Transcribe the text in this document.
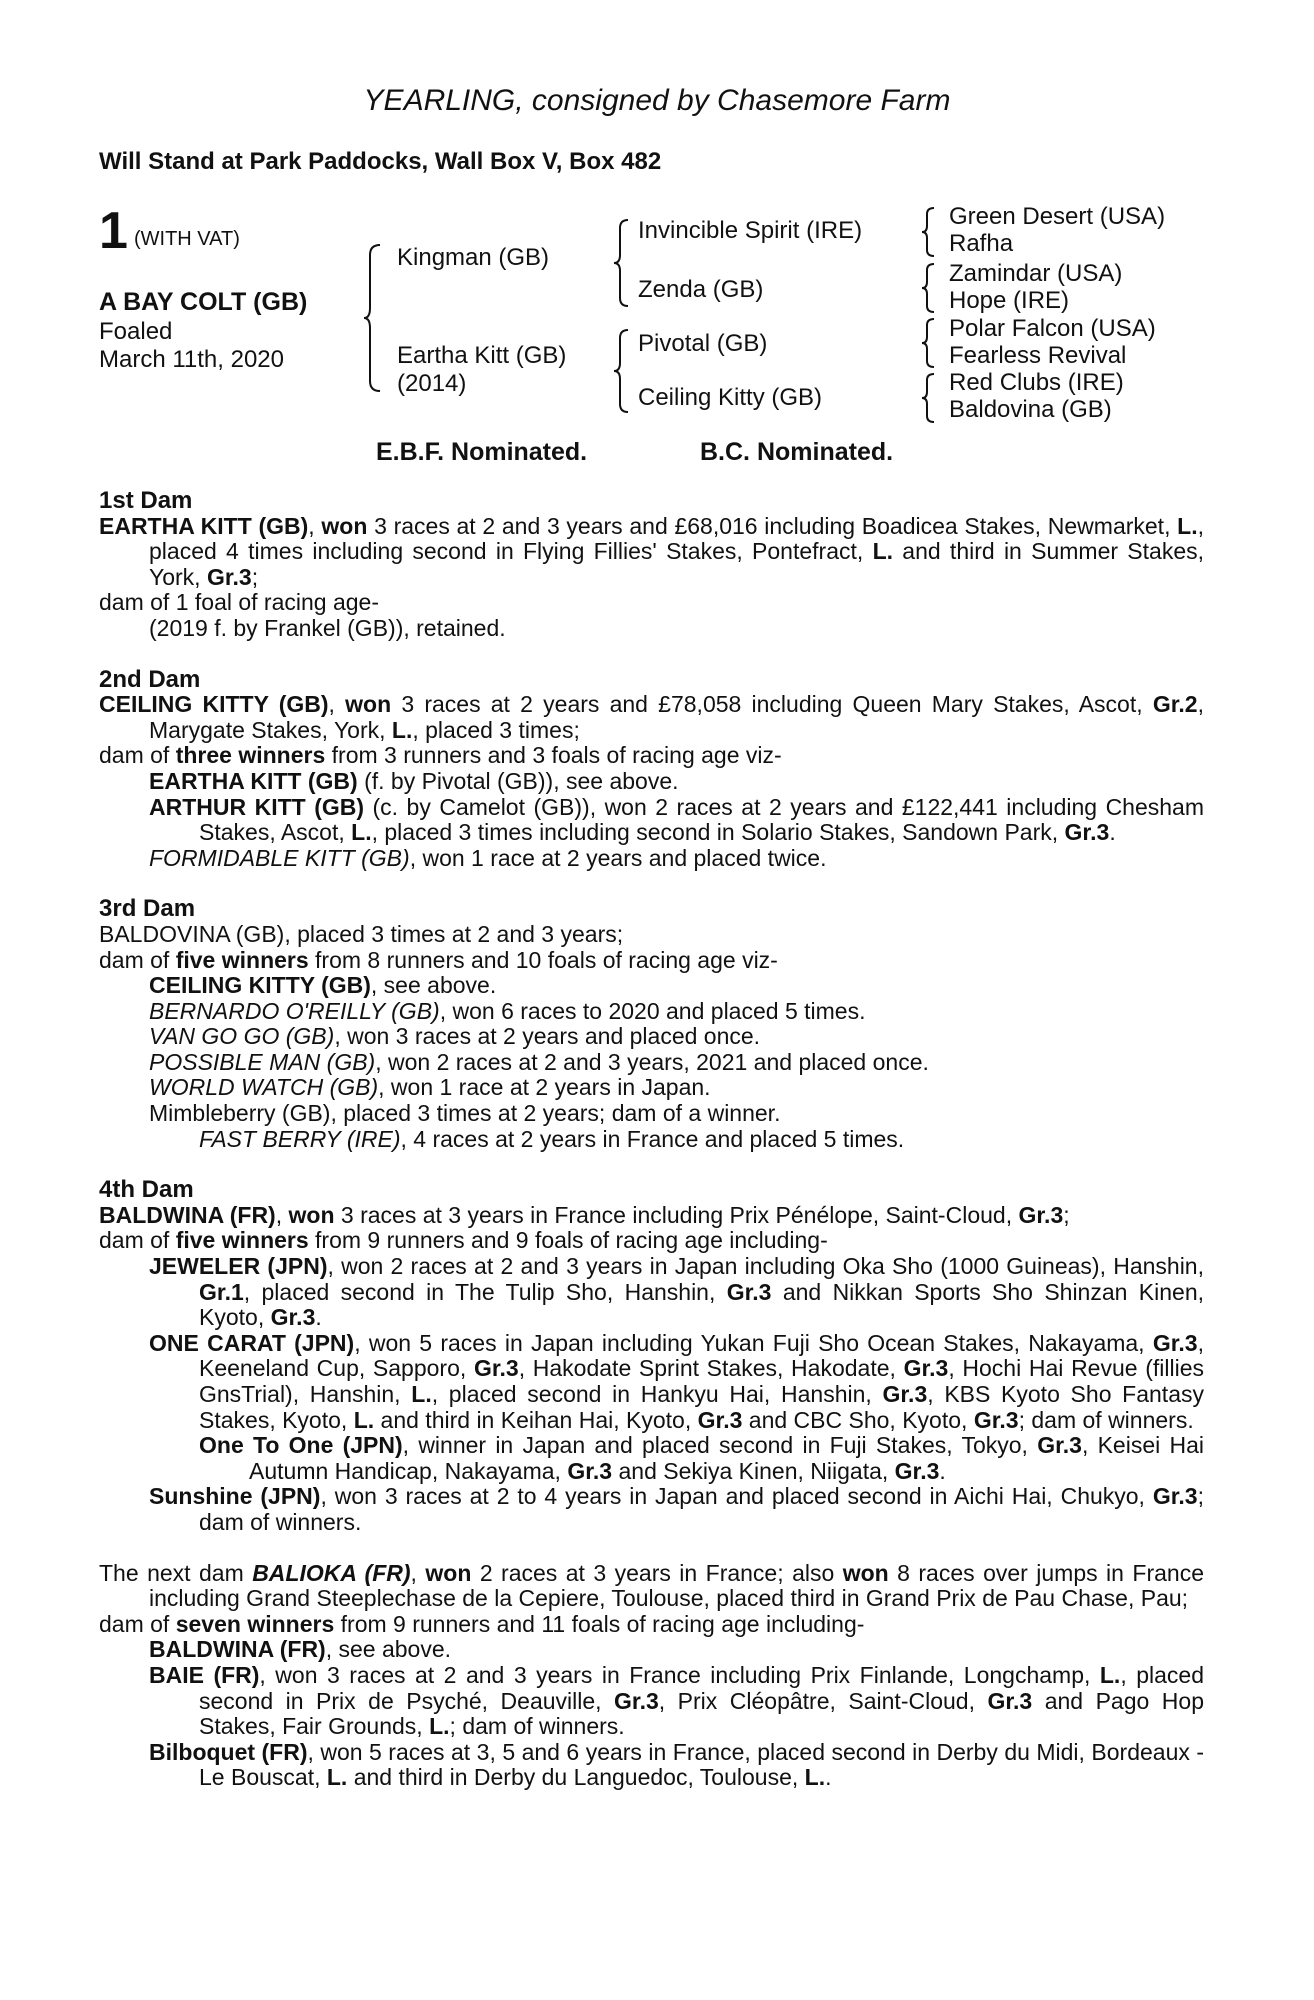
YEARLING, consigned by Chasemore Farm
Will Stand at Park Paddocks, Wall Box V, Box 482
1 (WITH VAT)
A BAY COLT (GB)
Foaled
March 11th, 2020
Kingman (GB)
Eartha Kitt (GB)
(2014)
Invincible Spirit (IRE)
Zenda (GB)
Pivotal (GB)
Ceiling Kitty (GB)
Green Desert (USA)
Rafha
Zamindar (USA)
Hope (IRE)
Polar Falcon (USA)
Fearless Revival
Red Clubs (IRE)
Baldovina (GB)
E.B.F. Nominated.	B.C. Nominated.
1st Dam
EARTHA KITT (GB), won 3 races at 2 and 3 years and £68,016 including Boadicea Stakes, Newmarket, L., placed 4 times including second in Flying Fillies' Stakes, Pontefract, L. and third in Summer Stakes, York, Gr.3;
dam of 1 foal of racing age-
(2019 f. by Frankel (GB)), retained.
2nd Dam
CEILING KITTY (GB), won 3 races at 2 years and £78,058 including Queen Mary Stakes, Ascot, Gr.2, Marygate Stakes, York, L., placed 3 times;
dam of three winners from 3 runners and 3 foals of racing age viz-
EARTHA KITT (GB) (f. by Pivotal (GB)), see above.
ARTHUR KITT (GB) (c. by Camelot (GB)), won 2 races at 2 years and £122,441 including Chesham Stakes, Ascot, L., placed 3 times including second in Solario Stakes, Sandown Park, Gr.3.
FORMIDABLE KITT (GB), won 1 race at 2 years and placed twice.
3rd Dam
BALDOVINA (GB), placed 3 times at 2 and 3 years;
dam of five winners from 8 runners and 10 foals of racing age viz-
CEILING KITTY (GB), see above.
BERNARDO O'REILLY (GB), won 6 races to 2020 and placed 5 times.
VAN GO GO (GB), won 3 races at 2 years and placed once.
POSSIBLE MAN (GB), won 2 races at 2 and 3 years, 2021 and placed once.
WORLD WATCH (GB), won 1 race at 2 years in Japan.
Mimbleberry (GB), placed 3 times at 2 years; dam of a winner.
FAST BERRY (IRE), 4 races at 2 years in France and placed 5 times.
4th Dam
BALDWINA (FR), won 3 races at 3 years in France including Prix Pénélope, Saint-Cloud, Gr.3;
dam of five winners from 9 runners and 9 foals of racing age including-
JEWELER (JPN), won 2 races at 2 and 3 years in Japan including Oka Sho (1000 Guineas), Hanshin, Gr.1, placed second in The Tulip Sho, Hanshin, Gr.3 and Nikkan Sports Sho Shinzan Kinen, Kyoto, Gr.3.
ONE CARAT (JPN), won 5 races in Japan including Yukan Fuji Sho Ocean Stakes, Nakayama, Gr.3, Keeneland Cup, Sapporo, Gr.3, Hakodate Sprint Stakes, Hakodate, Gr.3, Hochi Hai Revue (fillies GnsTrial), Hanshin, L., placed second in Hankyu Hai, Hanshin, Gr.3, KBS Kyoto Sho Fantasy Stakes, Kyoto, L. and third in Keihan Hai, Kyoto, Gr.3 and CBC Sho, Kyoto, Gr.3; dam of winners.
One To One (JPN), winner in Japan and placed second in Fuji Stakes, Tokyo, Gr.3, Keisei Hai Autumn Handicap, Nakayama, Gr.3 and Sekiya Kinen, Niigata, Gr.3.
Sunshine (JPN), won 3 races at 2 to 4 years in Japan and placed second in Aichi Hai, Chukyo, Gr.3; dam of winners.
The next dam BALIOKA (FR), won 2 races at 3 years in France; also won 8 races over jumps in France including Grand Steeplechase de la Cepiere, Toulouse, placed third in Grand Prix de Pau Chase, Pau;
dam of seven winners from 9 runners and 11 foals of racing age including-
BALDWINA (FR), see above.
BAIE (FR), won 3 races at 2 and 3 years in France including Prix Finlande, Longchamp, L., placed second in Prix de Psyché, Deauville, Gr.3, Prix Cléopâtre, Saint-Cloud, Gr.3 and Pago Hop Stakes, Fair Grounds, L.; dam of winners.
Bilboquet (FR), won 5 races at 3, 5 and 6 years in France, placed second in Derby du Midi, Bordeaux - Le Bouscat, L. and third in Derby du Languedoc, Toulouse, L..
